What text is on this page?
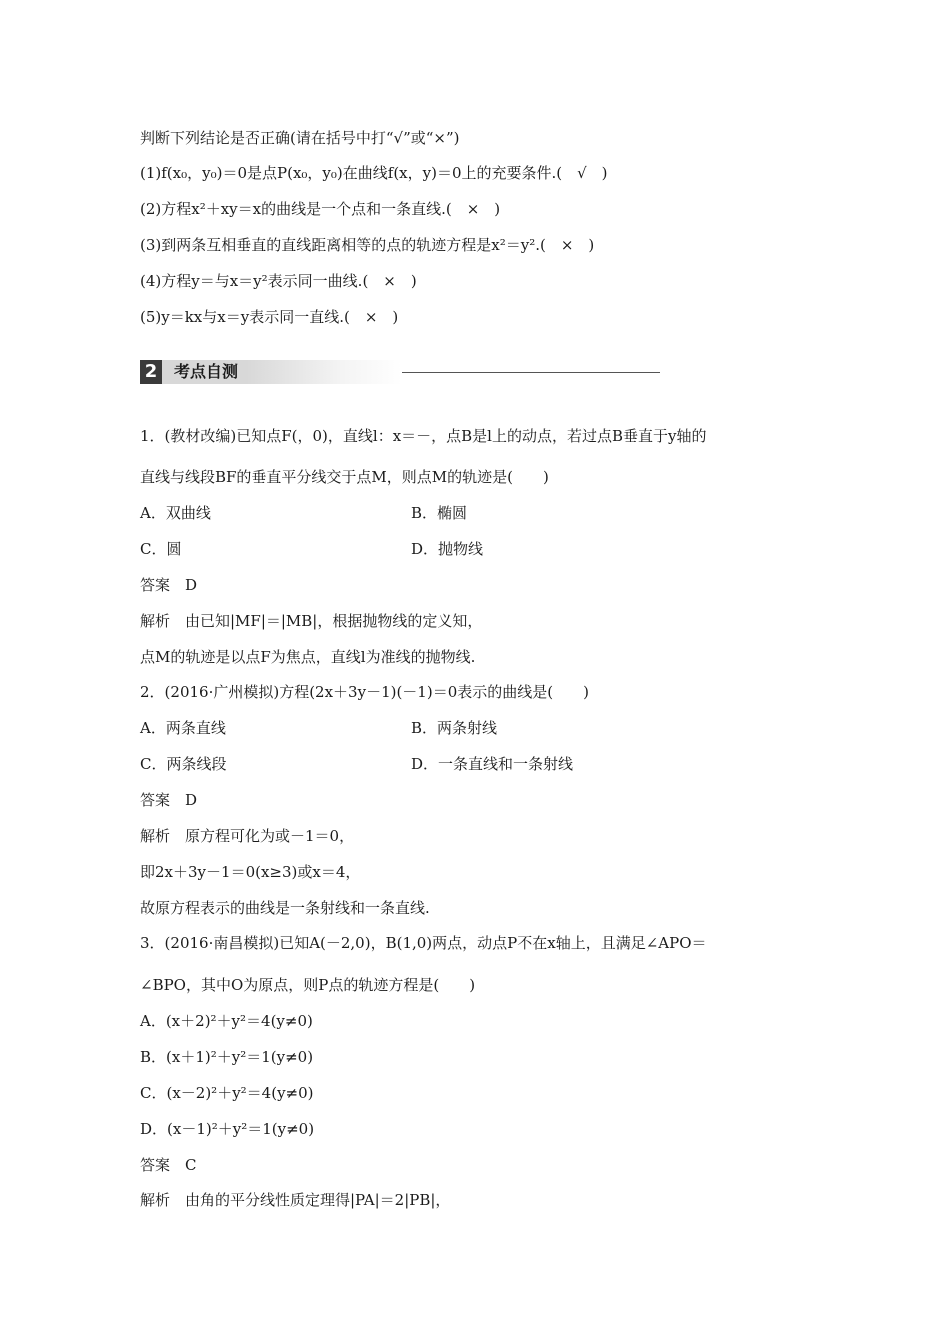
判断下列结论是否正确(请在括号中打“√”或“×”)
(1)f(x₀，y₀)＝0是点P(x₀，y₀)在曲线f(x，y)＝0上的充要条件.(　√　)
(2)方程x²＋xy＝x的曲线是一个点和一条直线.(　×　)
(3)到两条互相垂直的直线距离相等的点的轨迹方程是x²＝y².(　×　)
(4)方程y＝与x＝y²表示同一曲线.(　×　)
(5)y＝kx与x＝y表示同一直线.(　×　)
2	考点自测
1．(教材改编)已知点F(，0)，直线l：x＝－，点B是l上的动点，若过点B垂直于y轴的
直线与线段BF的垂直平分线交于点M，则点M的轨迹是(　　)
A．双曲线	B．椭圆
C．圆	D．抛物线
答案　D
解析　由已知|MF|＝|MB|，根据抛物线的定义知，
点M的轨迹是以点F为焦点，直线l为准线的抛物线.
2．(2016·广州模拟)方程(2x＋3y－1)(－1)＝0表示的曲线是(　　)
A．两条直线	B．两条射线
C．两条线段	D．一条直线和一条射线
答案　D
解析　原方程可化为或－1＝0，
即2x＋3y－1＝0(x≥3)或x＝4，
故原方程表示的曲线是一条射线和一条直线.
3．(2016·南昌模拟)已知A(－2,0)，B(1,0)两点，动点P不在x轴上，且满足∠APO＝
∠BPO，其中O为原点，则P点的轨迹方程是(　　)
A．(x＋2)²＋y²＝4(y≠0)
B．(x＋1)²＋y²＝1(y≠0)
C．(x－2)²＋y²＝4(y≠0)
D．(x－1)²＋y²＝1(y≠0)
答案　C
解析　由角的平分线性质定理得|PA|＝2|PB|，
